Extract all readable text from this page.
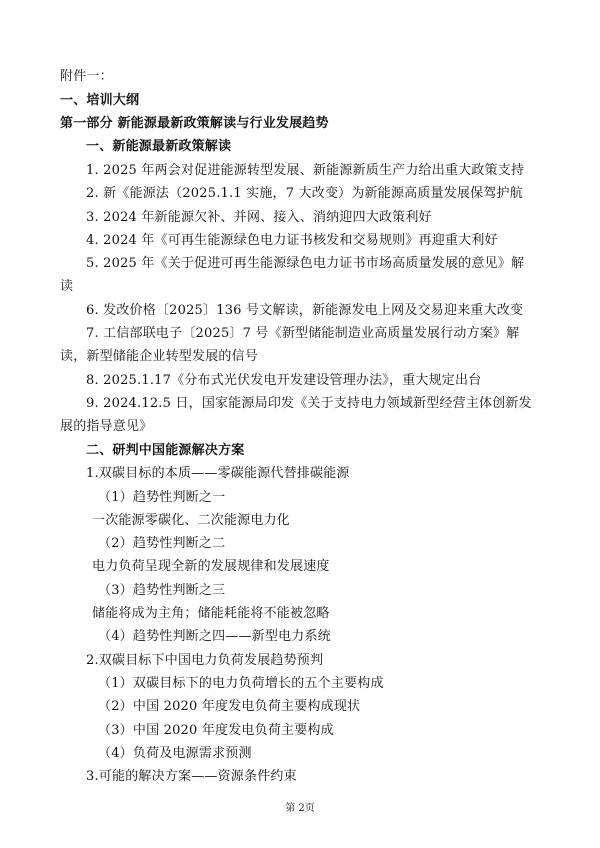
附件一：
一、培训大纲
第一部分 新能源最新政策解读与行业发展趋势
一、新能源最新政策解读
1. 2025 年两会对促进能源转型发展、新能源新质生产力给出重大政策支持
2. 新《能源法（2025.1.1 实施，7 大改变）为新能源高质量发展保驾护航
3. 2024 年新能源欠补、并网、接入、消纳迎四大政策利好
4. 2024 年《可再生能源绿色电力证书核发和交易规则》再迎重大利好
5. 2025 年《关于促进可再生能源绿色电力证书市场高质量发展的意见》解
读
6. 发改价格〔2025〕136 号文解读，新能源发电上网及交易迎来重大改变
7. 工信部联电子〔2025〕7 号《新型储能制造业高质量发展行动方案》解
读，新型储能企业转型发展的信号
8. 2025.1.17《分布式光伏发电开发建设管理办法》，重大规定出台
9. 2024.12.5 日，国家能源局印发《关于支持电力领域新型经营主体创新发
展的指导意见》
二、研判中国能源解决方案
1.双碳目标的本质——零碳能源代替排碳能源
（1）趋势性判断之一
一次能源零碳化、二次能源电力化
（2）趋势性判断之二
电力负荷呈现全新的发展规律和发展速度
（3）趋势性判断之三
储能将成为主角；储能耗能将不能被忽略
（4）趋势性判断之四——新型电力系统
2.双碳目标下中国电力负荷发展趋势预判
（1）双碳目标下的电力负荷增长的五个主要构成
（2）中国 2020 年度发电负荷主要构成现状
（3）中国 2020 年度发电负荷主要构成
（4）负荷及电源需求预测
3.可能的解决方案——资源条件约束
第 2页
